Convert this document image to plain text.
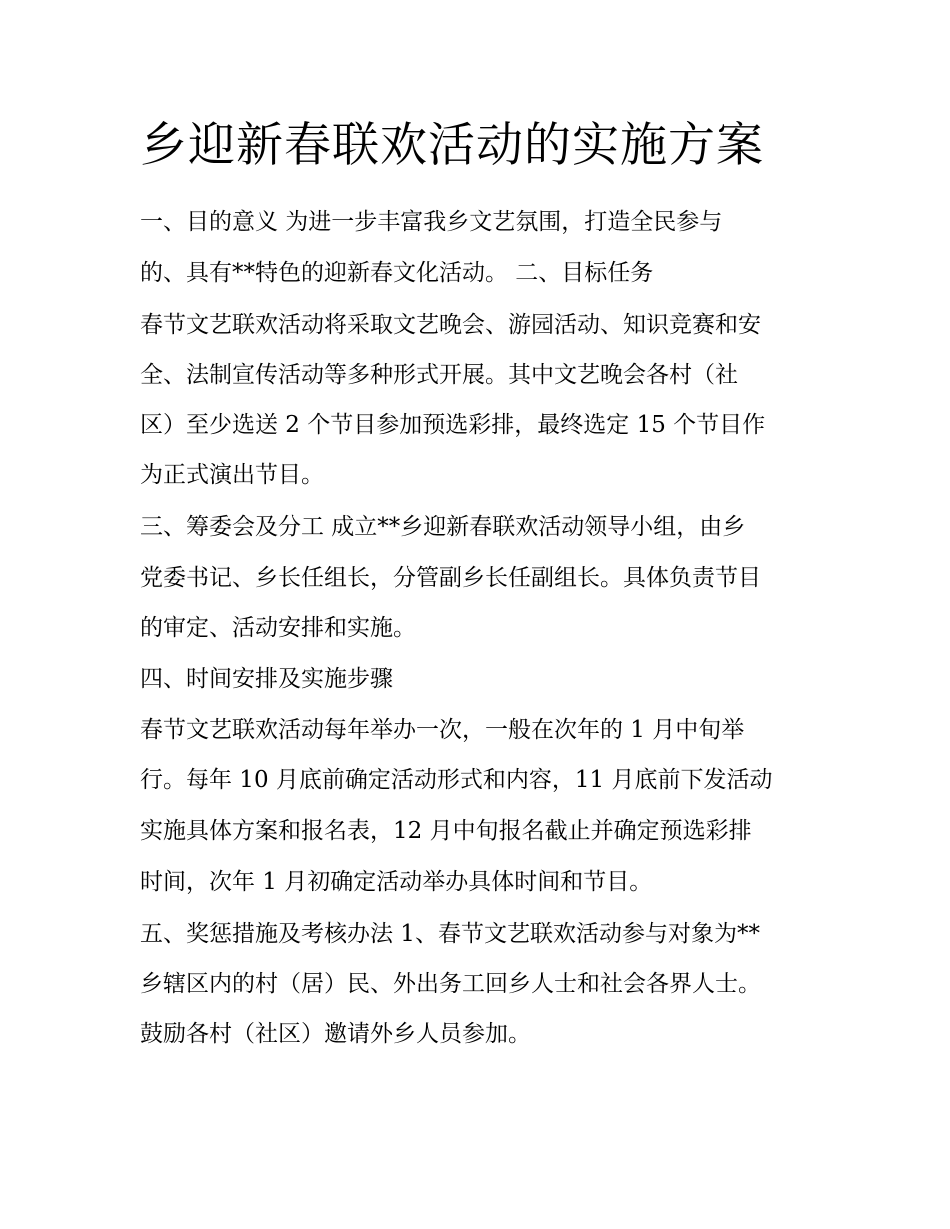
乡迎新春联欢活动的实施方案

一、目的意义 为进一步丰富我乡文艺氛围，打造全民参与

的、具有**特色的迎新春文化活动。 二、目标任务

春节文艺联欢活动将采取文艺晚会、游园活动、知识竞赛和安

全、法制宣传活动等多种形式开展。其中文艺晚会各村（社

区）至少选送 2 个节目参加预选彩排，最终选定 15 个节目作

为正式演出节目。

三、筹委会及分工 成立**乡迎新春联欢活动领导小组，由乡

党委书记、乡长任组长，分管副乡长任副组长。具体负责节目

的审定、活动安排和实施。

四、时间安排及实施步骤

春节文艺联欢活动每年举办一次，一般在次年的 1 月中旬举

行。每年 10 月底前确定活动形式和内容，11 月底前下发活动

实施具体方案和报名表，12 月中旬报名截止并确定预选彩排

时间，次年 1 月初确定活动举办具体时间和节目。

五、奖惩措施及考核办法 1、春节文艺联欢活动参与对象为**

乡辖区内的村（居）民、外出务工回乡人士和社会各界人士。

鼓励各村（社区）邀请外乡人员参加。
